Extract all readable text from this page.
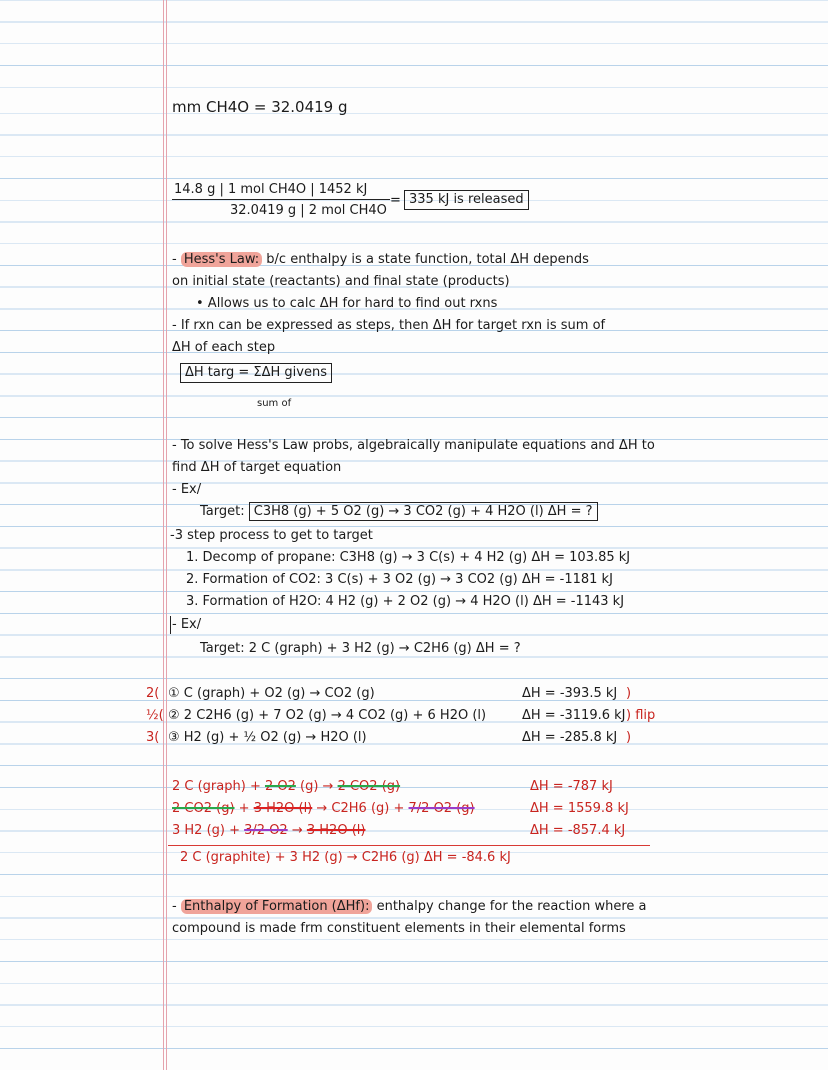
mm CH4O = 32.0419 g
14.8 g | 1 mol CH4O | 1452 kJ
32.0419 g | 2 mol CH4O
= 335 kJ is released
- Hess's Law: b/c enthalpy is a state function, total ΔH depends
on initial state (reactants) and final state (products)
• Allows us to calc ΔH for hard to find out rxns
- If rxn can be expressed as steps, then ΔH for target rxn is sum of
ΔH of each step
ΔH targ = ΣΔH givens
sum of
- To solve Hess's Law probs, algebraically manipulate equations and ΔH to
find ΔH of target equation
- Ex/
Target: C3H8 (g) + 5 O2 (g) → 3 CO2 (g) + 4 H2O (l) ΔH = ?
-3 step process to get to target
1. Decomp of propane: C3H8 (g) → 3 C(s) + 4 H2 (g) ΔH = 103.85 kJ
2. Formation of CO2: 3 C(s) + 3 O2 (g) → 3 CO2 (g) ΔH = -1181 kJ
3. Formation of H2O: 4 H2 (g) + 2 O2 (g) → 4 H2O (l) ΔH = -1143 kJ
- Ex/
Target: 2 C (graph) + 3 H2 (g) → C2H6 (g) ΔH = ?
2( ① C (graph) + O2 (g) → CO2 (g)	ΔH = -393.5 kJ )
½( ② 2 C2H6 (g) + 7 O2 (g) → 4 CO2 (g) + 6 H2O (l)	ΔH = -3119.6 kJ ) flip
3( ③ H2 (g) + ½ O2 (g) → H2O (l)	ΔH = -285.8 kJ )
2 C (graph) + 2 O2 (g) → 2 CO2 (g)	ΔH = -787 kJ
2 CO2 (g) + 3 H2O (l) → C2H6 (g) + 7/2 O2 (g)	ΔH = 1559.8 kJ
3 H2 (g) + 3/2 O2 → 3 H2O (l)	ΔH = -857.4 kJ
2 C (graphite) + 3 H2 (g) → C2H6 (g) ΔH = -84.6 kJ
- Enthalpy of Formation (ΔHf): enthalpy change for the reaction where a
compound is made frm constituent elements in their elemental forms
